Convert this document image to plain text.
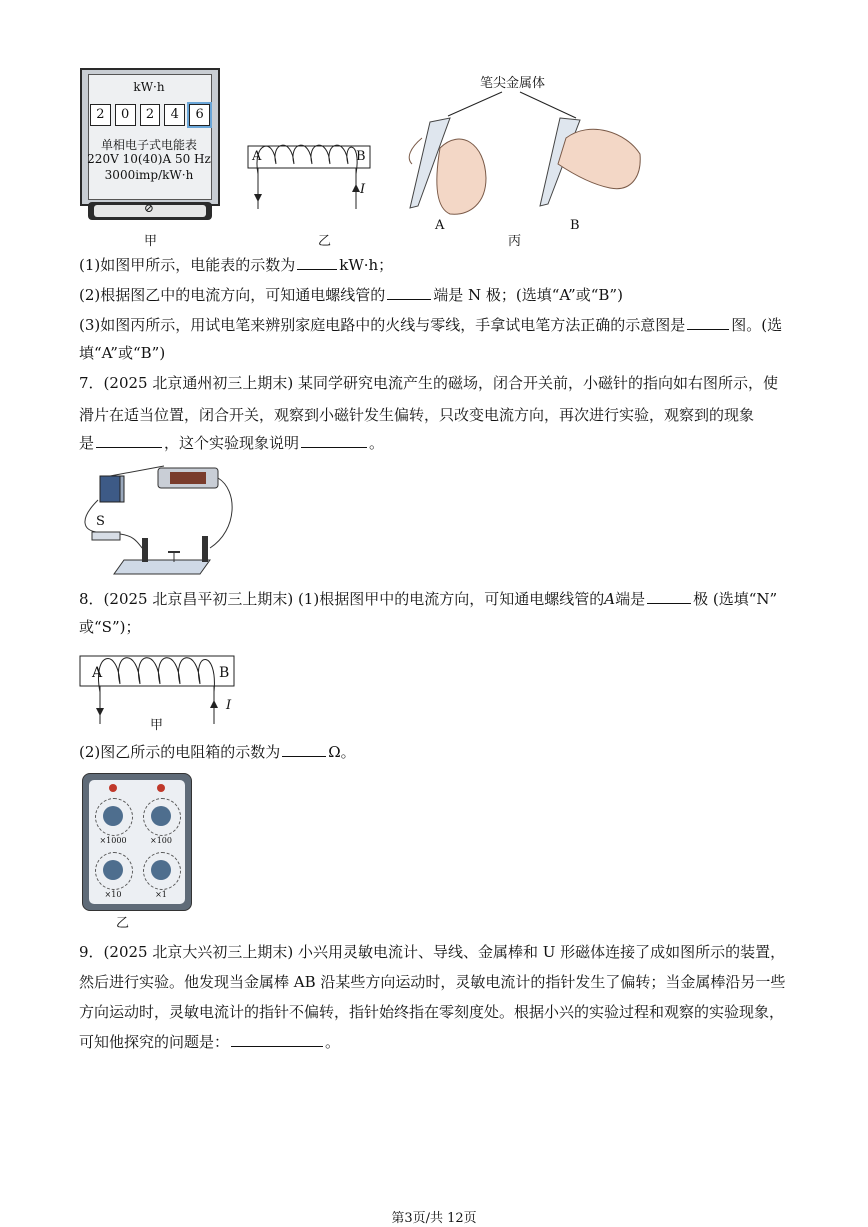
kW·h
2	0	2	4	6
单相电子式电能表
220V 10(40)A 50 Hz
3000imp/kW·h
⊘
甲
A	B
I
乙
笔尖金属体
A
丙
B
(1)如图甲所示，电能表的示数为	kW·h；
(2)根据图乙中的电流方向，可知通电螺线管的	端是 N 极；(选填“A”或“B”)
(3)如图丙所示，用试电笔来辨别家庭电路中的火线与零线，手拿试电笔方法正确的示意图是	图。(选
填“A”或“B”)
7．(2025 北京通州初三上期末) 某同学研究电流产生的磁场，闭合开关前，小磁针的指向如右图所示，使
滑片在适当位置，闭合开关，观察到小磁针发生偏转，只改变电流方向，再次进行实验，观察到的现象
是	，这个实验现象说明	。
S
8．(2025 北京昌平初三上期末) (1)根据图甲中的电流方向，可知通电螺线管的A端是	极 (选填“N”
或“S”)；
A	B
I
甲
(2)图乙所示的电阻箱的示数为	Ω。
×1000	×100
×10	×1
乙
9．(2025 北京大兴初三上期末) 小兴用灵敏电流计、导线、金属棒和 U 形磁体连接了成如图所示的装置，
然后进行实验。他发现当金属棒 AB 沿某些方向运动时，灵敏电流计的指针发生了偏转；当金属棒沿另一些
方向运动时，灵敏电流计的指针不偏转，指针始终指在零刻度处。根据小兴的实验过程和观察的实验现象，
可知他探究的问题是：	。
第3页/共 12页
